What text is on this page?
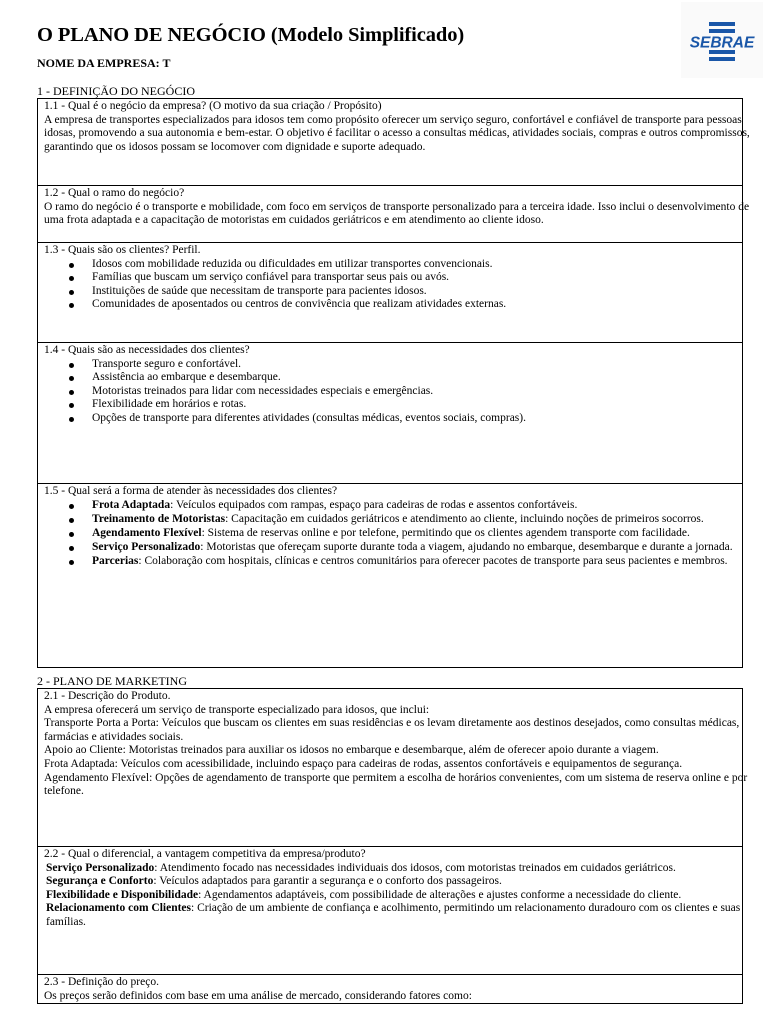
O PLANO DE NEGÓCIO (Modelo Simplificado)
NOME DA EMPRESA: T
SEBRAE
1 - DEFINIÇÃO DO NEGÓCIO
1.1 - Qual é o negócio da empresa? (O motivo da sua criação / Propósito)
A empresa de transportes especializados para idosos tem como propósito oferecer um serviço seguro, confortável e confiável de transporte para pessoas idosas, promovendo a sua autonomia e bem-estar. O objetivo é facilitar o acesso a consultas médicas, atividades sociais, compras e outros compromissos, garantindo que os idosos possam se locomover com dignidade e suporte adequado.
1.2 - Qual o ramo do negócio?
O ramo do negócio é o transporte e mobilidade, com foco em serviços de transporte personalizado para a terceira idade. Isso inclui o desenvolvimento de uma frota adaptada e a capacitação de motoristas em cuidados geriátricos e em atendimento ao cliente idoso.
1.3 - Quais são os clientes? Perfil.
Idosos com mobilidade reduzida ou dificuldades em utilizar transportes convencionais.
Famílias que buscam um serviço confiável para transportar seus pais ou avós.
Instituições de saúde que necessitam de transporte para pacientes idosos.
Comunidades de aposentados ou centros de convivência que realizam atividades externas.
1.4 - Quais são as necessidades dos clientes?
Transporte seguro e confortável.
Assistência ao embarque e desembarque.
Motoristas treinados para lidar com necessidades especiais e emergências.
Flexibilidade em horários e rotas.
Opções de transporte para diferentes atividades (consultas médicas, eventos sociais, compras).
1.5 - Qual será a forma de atender às necessidades dos clientes?
Frota Adaptada: Veículos equipados com rampas, espaço para cadeiras de rodas e assentos confortáveis.
Treinamento de Motoristas: Capacitação em cuidados geriátricos e atendimento ao cliente, incluindo noções de primeiros socorros.
Agendamento Flexível: Sistema de reservas online e por telefone, permitindo que os clientes agendem transporte com facilidade.
Serviço Personalizado: Motoristas que ofereçam suporte durante toda a viagem, ajudando no embarque, desembarque e durante a jornada.
Parcerias: Colaboração com hospitais, clínicas e centros comunitários para oferecer pacotes de transporte para seus pacientes e membros.
2 - PLANO DE MARKETING
2.1 - Descrição do Produto.
A empresa oferecerá um serviço de transporte especializado para idosos, que inclui:
Transporte Porta a Porta: Veículos que buscam os clientes em suas residências e os levam diretamente aos destinos desejados, como consultas médicas, farmácias e atividades sociais.
Apoio ao Cliente: Motoristas treinados para auxiliar os idosos no embarque e desembarque, além de oferecer apoio durante a viagem.
Frota Adaptada: Veículos com acessibilidade, incluindo espaço para cadeiras de rodas, assentos confortáveis e equipamentos de segurança.
Agendamento Flexível: Opções de agendamento de transporte que permitem a escolha de horários convenientes, com um sistema de reserva online e por telefone.
2.2 - Qual o diferencial, a vantagem competitiva da empresa/produto?
Serviço Personalizado: Atendimento focado nas necessidades individuais dos idosos, com motoristas treinados em cuidados geriátricos.
Segurança e Conforto: Veículos adaptados para garantir a segurança e o conforto dos passageiros.
Flexibilidade e Disponibilidade: Agendamentos adaptáveis, com possibilidade de alterações e ajustes conforme a necessidade do cliente.
Relacionamento com Clientes: Criação de um ambiente de confiança e acolhimento, permitindo um relacionamento duradouro com os clientes e suas famílias.
2.3 - Definição do preço.
Os preços serão definidos com base em uma análise de mercado, considerando fatores como:
